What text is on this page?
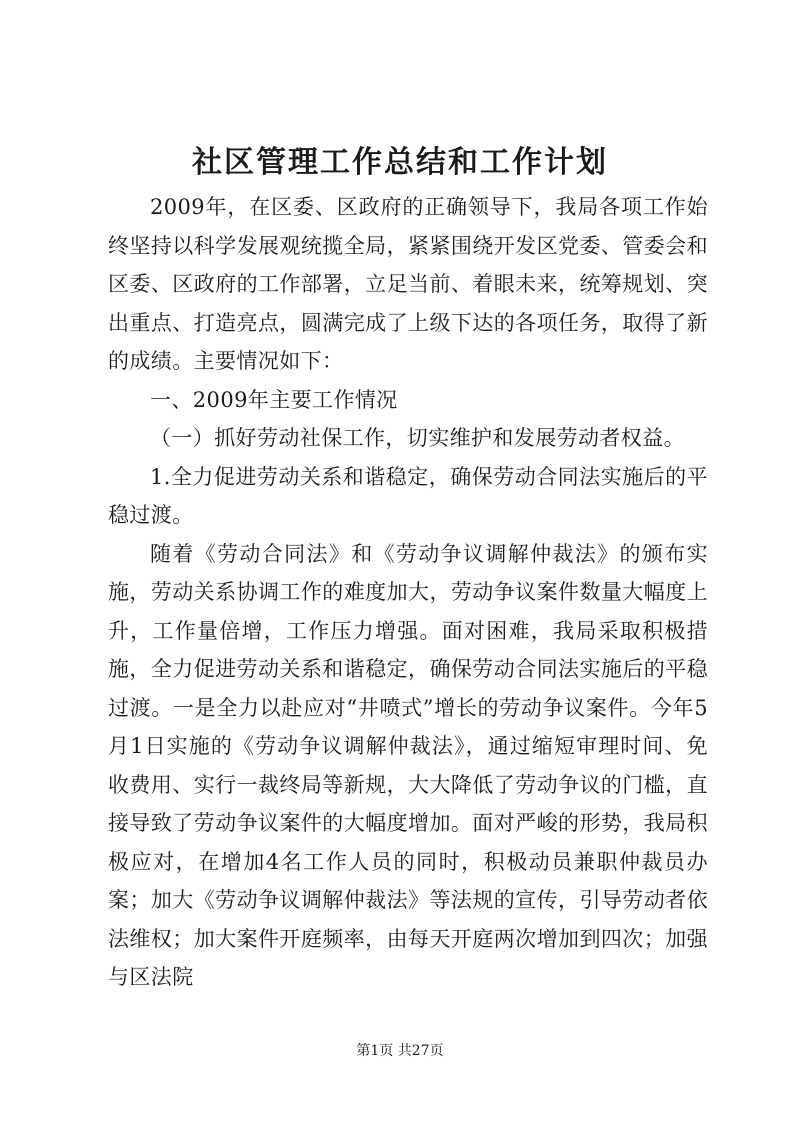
社区管理工作总结和工作计划

2009年，在区委、区政府的正确领导下，我局各项工作始终坚持以科学发展观统揽全局，紧紧围绕开发区党委、管委会和区委、区政府的工作部署，立足当前、着眼未来，统筹规划、突出重点、打造亮点，圆满完成了上级下达的各项任务，取得了新的成绩。主要情况如下：

一、2009年主要工作情况

（一）抓好劳动社保工作，切实维护和发展劳动者权益。

1.全力促进劳动关系和谐稳定，确保劳动合同法实施后的平稳过渡。

随着《劳动合同法》和《劳动争议调解仲裁法》的颁布实施，劳动关系协调工作的难度加大，劳动争议案件数量大幅度上升，工作量倍增，工作压力增强。面对困难，我局采取积极措施，全力促进劳动关系和谐稳定，确保劳动合同法实施后的平稳过渡。一是全力以赴应对“井喷式”增长的劳动争议案件。今年5月1日实施的《劳动争议调解仲裁法》，通过缩短审理时间、免收费用、实行一裁终局等新规，大大降低了劳动争议的门槛，直接导致了劳动争议案件的大幅度增加。面对严峻的形势，我局积极应对，在增加4名工作人员的同时，积极动员兼职仲裁员办案；加大《劳动争议调解仲裁法》等法规的宣传，引导劳动者依法维权；加大案件开庭频率，由每天开庭两次增加到四次；加强与区法院

第1页 共27页
